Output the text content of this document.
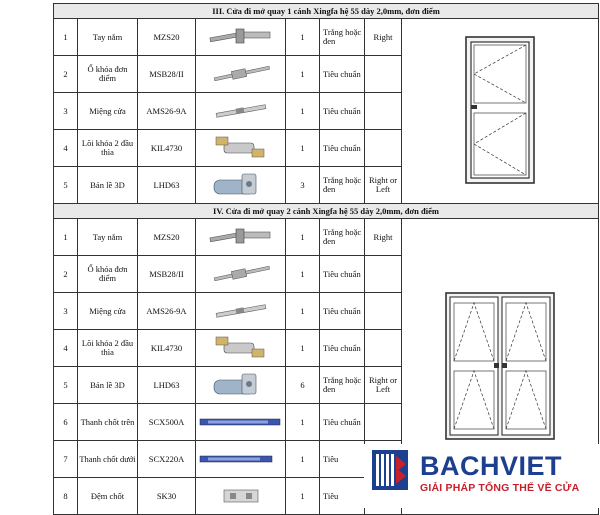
III. Cửa đi mở quay 1 cánh Xingfa hệ 55 dày 2,0mm, đơn điểm							
1	Tay nắm	MZS20		1	Trắng hoặc đen	Right	
2	Ổ khóa đơn điểm	MSB28/II		1	Tiêu chuẩn		
3	Miệng cửa	AMS26-9A		1	Tiêu chuẩn		
4	Lõi khóa 2 đầu thìa	KIL4730		1	Tiêu chuẩn		
5	Bản lề 3D	LHD63		3	Trắng hoặc đen	Right or Left	
IV. Cửa đi mở quay 2 cánh Xingfa hệ 55 dày 2,0mm, đơn điểm							
1	Tay nắm	MZS20		1	Trắng hoặc đen	Right	
2	Ổ khóa đơn điểm	MSB28/II		1	Tiêu chuẩn		
3	Miệng cửa	AMS26-9A		1	Tiêu chuẩn		
4	Lõi khóa 2 đầu thìa	KIL4730		1	Tiêu chuẩn		
5	Bản lề 3D	LHD63		6	Trắng hoặc đen	Right or Left	
6	Thanh chốt trên	SCX500A		1	Tiêu chuẩn		
7	Thanh chốt dưới	SCX220A		1	Tiêu		
8	Đệm chốt	SK30		1	Tiêu		
BACHVIET
GIẢI PHÁP TỔNG THỂ VỀ CỬA
